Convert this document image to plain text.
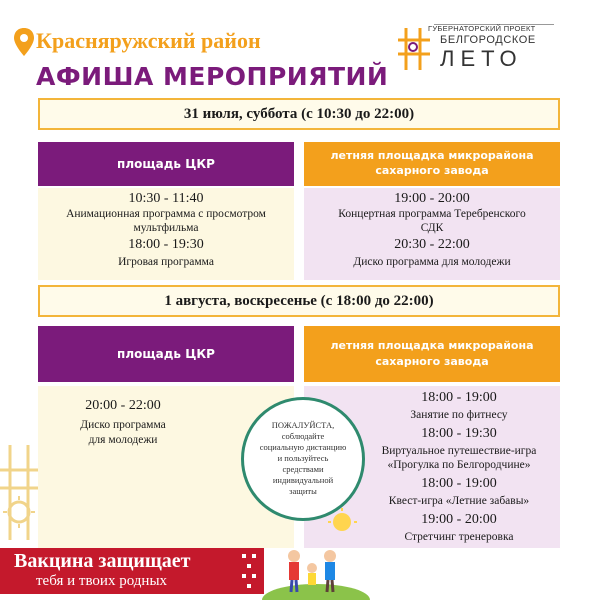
Красняружский район
АФИША МЕРОПРИЯТИЙ
ГУБЕРНАТОРСКИЙ ПРОЕКТ
БЕЛГОРОДСКОЕ
ЛЕТО
31 июля, суббота (с 10:30 до 22:00)
площадь ЦКР
летняя площадка микрорайона
сахарного завода
10:30 - 11:40
Анимационная программа с просмотром
мультфильма
18:00 - 19:30
Игровая программа
19:00 - 20:00
Концертная программа Теребренского
СДК
20:30 - 22:00
Диско программа для молодежи
1 августа, воскресенье (с 18:00 до 22:00)
площадь ЦКР
летняя площадка микрорайона
сахарного завода
20:00 - 22:00
Диско программа
для молодежи
18:00 - 19:00
Занятие по фитнесу
18:00 - 19:30
Виртуальное путешествие-игра
«Прогулка по Белгородчине»
18:00 - 19:00
Квест-игра «Летние забавы»
19:00 - 20:00
Стретчинг тренеровка
ПОЖАЛУЙСТА,
соблюдайте
социальную дистанцию
и пользуйтесь
средствами
индивидуальной
защиты
Вакцина защищает
тебя и твоих родных
